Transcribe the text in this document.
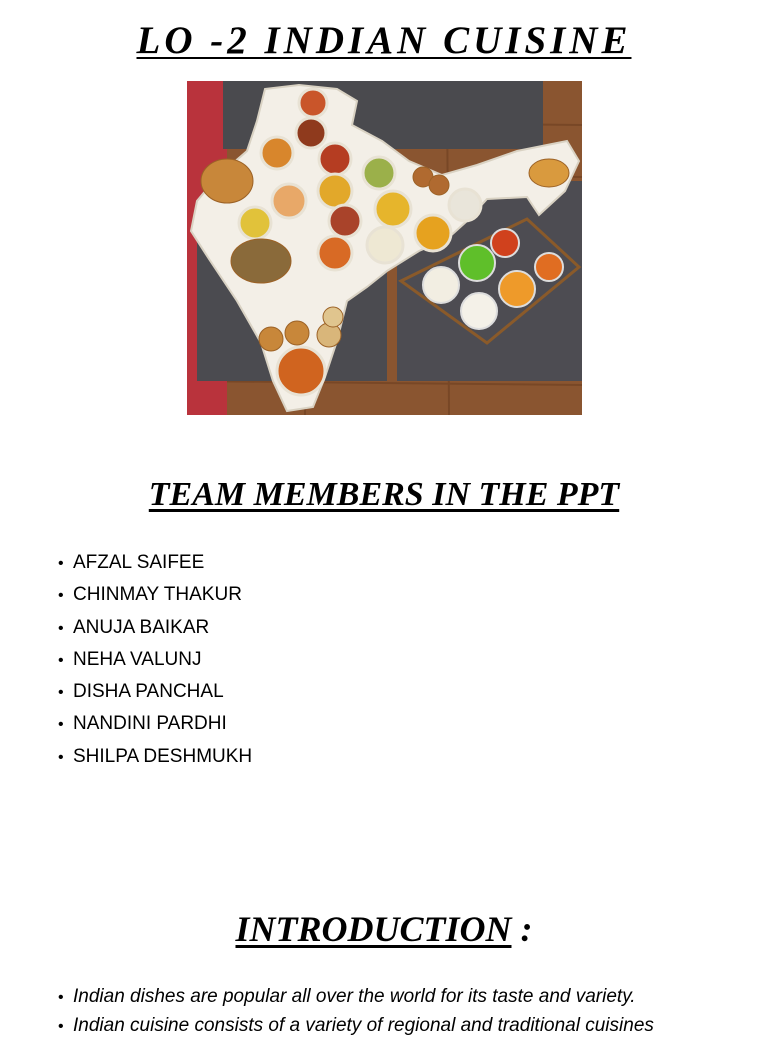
LO -2 INDIAN CUISINE
TEAM MEMBERS IN THE PPT
• AFZAL SAIFEE
• CHINMAY THAKUR
• ANUJA BAIKAR
• NEHA VALUNJ
• DISHA PANCHAL
• NANDINI PARDHI
• SHILPA DESHMUKH
INTRODUCTION :
• Indian dishes are popular all over the world for its taste and variety.
• Indian cuisine consists of a variety of regional and traditional cuisines
